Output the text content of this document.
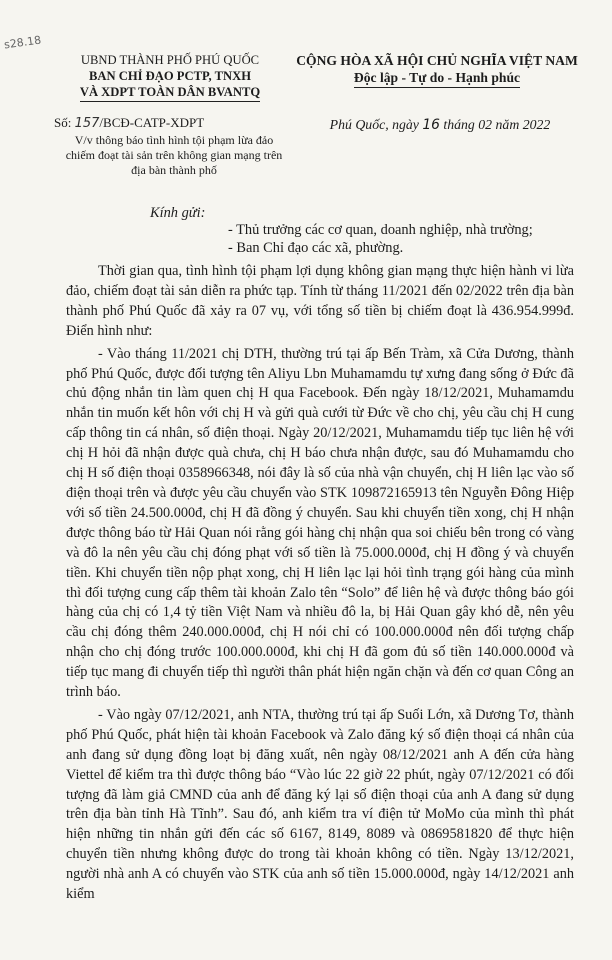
s28.18
UBND THÀNH PHỐ PHÚ QUỐC
BAN CHỈ ĐẠO PCTP, TNXH
VÀ XDPT TOÀN DÂN BVANTQ
Số: 157/BCĐ-CATP-XDPT
V/v thông báo tình hình tội phạm lừa đảo chiếm đoạt tài sản trên không gian mạng trên địa bàn thành phố
CỘNG HÒA XÃ HỘI CHỦ NGHĨA VIỆT NAM
Độc lập - Tự do - Hạnh phúc
Phú Quốc, ngày 16 tháng 02 năm 2022
Kính gửi:
- Thủ trưởng các cơ quan, doanh nghiệp, nhà trường;
- Ban Chỉ đạo các xã, phường.

Thời gian qua, tình hình tội phạm lợi dụng không gian mạng thực hiện hành vi lừa đảo, chiếm đoạt tài sản diễn ra phức tạp. Tính từ tháng 11/2021 đến 02/2022 trên địa bàn thành phố Phú Quốc đã xảy ra 07 vụ, với tổng số tiền bị chiếm đoạt là 436.954.999đ. Điển hình như:

- Vào tháng 11/2021 chị DTH, thường trú tại ấp Bến Tràm, xã Cửa Dương, thành phố Phú Quốc, được đối tượng tên Aliyu Lbn Muhamamdu tự xưng đang sống ở Đức đã chủ động nhắn tin làm quen chị H qua Facebook. Đến ngày 18/12/2021, Muhamamdu nhắn tin muốn kết hôn với chị H và gửi quà cưới từ Đức về cho chị, yêu cầu chị H cung cấp thông tin cá nhân, số điện thoại. Ngày 20/12/2021, Muhamamdu tiếp tục liên hệ với chị H hỏi đã nhận được quà chưa, chị H báo chưa nhận được, sau đó Muhamamdu cho chị H số điện thoại 0358966348, nói đây là số của nhà vận chuyển, chị H liên lạc vào số điện thoại trên và được yêu cầu chuyển vào STK 109872165913 tên Nguyễn Đông Hiệp với số tiền 24.500.000đ, chị H đã đồng ý chuyển. Sau khi chuyển tiền xong, chị H nhận được thông báo từ Hải Quan nói rằng gói hàng chị nhận qua soi chiếu bên trong có vàng và đô la nên yêu cầu chị đóng phạt với số tiền là 75.000.000đ, chị H đồng ý và chuyển tiền. Khi chuyển tiền nộp phạt xong, chị H liên lạc lại hỏi tình trạng gói hàng của mình thì đối tượng cung cấp thêm tài khoản Zalo tên “Solo” để liên hệ và được thông báo gói hàng của chị có 1,4 tỷ tiền Việt Nam và nhiều đô la, bị Hải Quan gây khó dễ, nên yêu cầu chị đóng thêm 240.000.000đ, chị H nói chỉ có 100.000.000đ nên đối tượng chấp nhận cho chị đóng trước 100.000.000đ, khi chị H đã gom đủ số tiền 140.000.000đ và tiếp tục mang đi chuyển tiếp thì người thân phát hiện ngăn chặn và đến cơ quan Công an trình báo.

- Vào ngày 07/12/2021, anh NTA, thường trú tại ấp Suối Lớn, xã Dương Tơ, thành phố Phú Quốc, phát hiện tài khoản Facebook và Zalo đăng ký số điện thoại cá nhân của anh đang sử dụng đồng loạt bị đăng xuất, nên ngày 08/12/2021 anh A đến cửa hàng Viettel để kiểm tra thì được thông báo “Vào lúc 22 giờ 22 phút, ngày 07/12/2021 có đối tượng đã làm giả CMND của anh để đăng ký lại số điện thoại của anh A đang sử dụng trên địa bàn tỉnh Hà Tĩnh”. Sau đó, anh kiểm tra ví điện tử MoMo của mình thì phát hiện những tin nhắn gửi đến các số 6167, 8149, 8089 và 0869581820 để thực hiện chuyển tiền nhưng không được do trong tài khoản không có tiền. Ngày 13/12/2021, người nhà anh A có chuyển vào STK của anh số tiền 15.000.000đ, ngày 14/12/2021 anh kiểm
